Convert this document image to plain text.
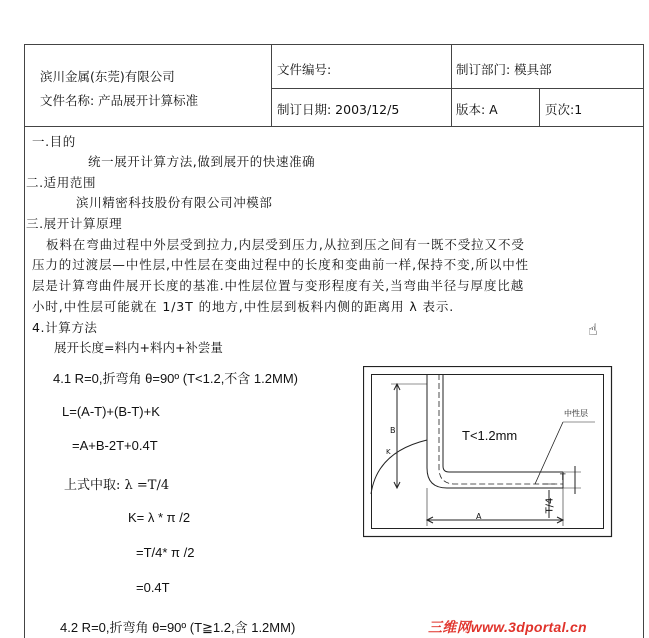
滨川金属(东莞)有限公司
文件名称: 产品展开计算标准
文件编号:	制订部门: 模具部
制订日期: 2003/12/5	版本: A	页次:1
一.目的
统一展开计算方法,做到展开的快速准确
二.适用范围
滨川精密科技股份有限公司冲模部
三.展开计算原理
板料在弯曲过程中外层受到拉力,内层受到压力,从拉到压之间有一既不受拉又不受
压力的过渡层—中性层,中性层在变曲过程中的长度和变曲前一样,保持不变,所以中性
层是计算弯曲件展开长度的基准.中性层位置与变形程度有关,当弯曲半径与厚度比越
小时,中性层可能就在 1/3T 的地方,中性层到板料内侧的距离用 λ 表示.
4.计算方法
展开长度=料内+料内+补尝量
☝
4.1 R=0,折弯角 θ=90º (T<1.2,不含 1.2MM)
L=(A-T)+(B-T)+K
=A+B-2T+0.4T
上式中取: λ =T/4
K= λ * π /2
=T/4* π /2
=0.4T
4.2 R=0,折弯角 θ=90º (T≧1.2,含 1.2MM)
T<1.2mm
中性层
B
A
T
T/4
K
三维网www.3dportal.cn
